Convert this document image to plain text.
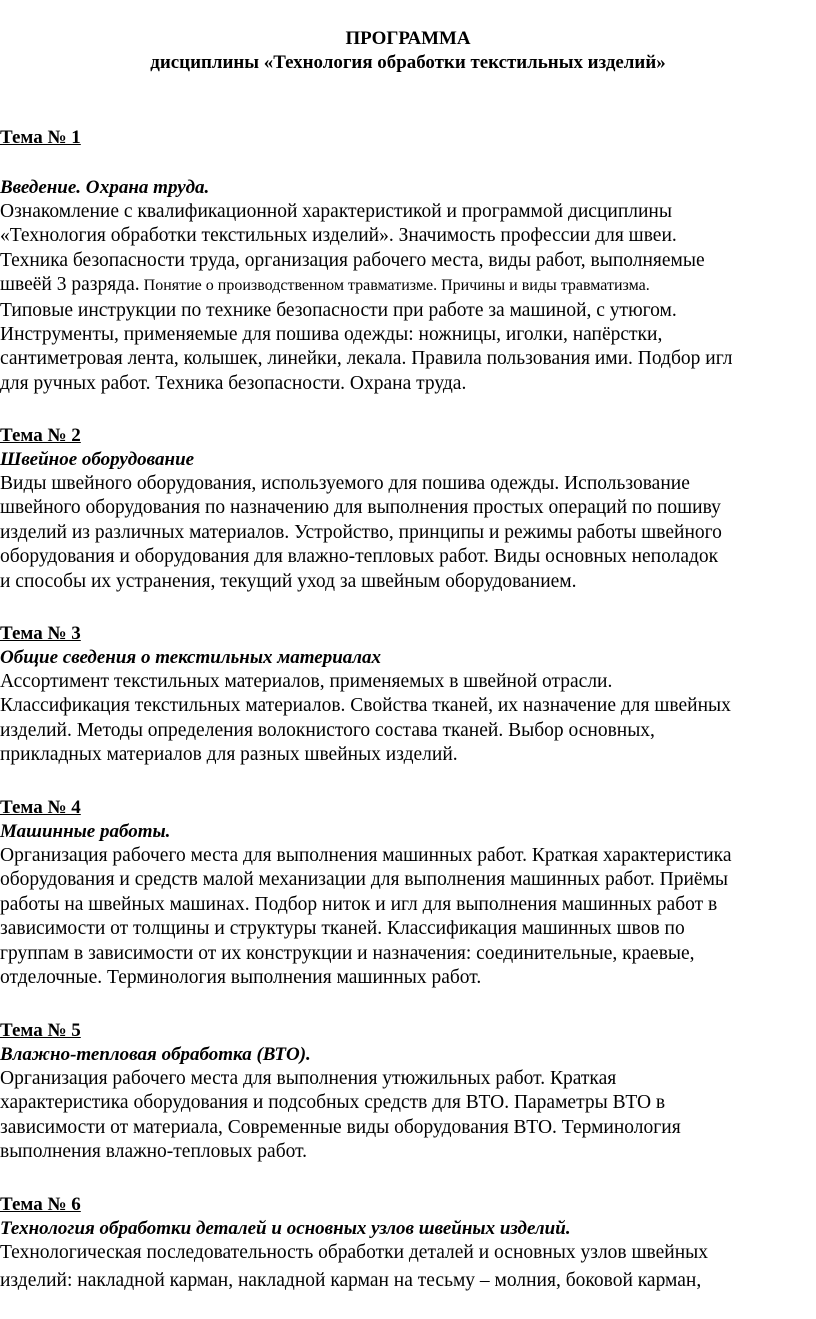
ПРОГРАММА
дисциплины «Технология обработки текстильных изделий»

Тема № 1

Введение. Охрана труда.

Ознакомление с квалификационной характеристикой и программой дисциплины

«Технология обработки текстильных изделий». Значимость профессии для швеи.

Техника безопасности труда, организация рабочего места, виды работ, выполняемые

швеёй 3 разряда. Понятие о производственном травматизме. Причины и виды травматизма.

Типовые инструкции по технике безопасности при работе за машиной, с утюгом.

Инструменты, применяемые для пошива одежды: ножницы, иголки, напёрстки,

сантиметровая лента, колышек, линейки, лекала. Правила пользования ими. Подбор игл

для ручных работ. Техника безопасности. Охрана труда.

Тема № 2

Швейное оборудование

Виды швейного оборудования, используемого для пошива одежды. Использование

швейного оборудования по назначению для выполнения простых операций по пошиву

изделий из различных материалов. Устройство, принципы и режимы работы швейного

оборудования и оборудования для влажно-тепловых работ. Виды основных неполадок

и способы их устранения, текущий уход за швейным оборудованием.

Тема № 3

Общие сведения о текстильных материалах

Ассортимент текстильных материалов, применяемых в швейной отрасли.

Классификация текстильных материалов. Свойства тканей, их назначение для швейных

изделий. Методы определения волокнистого состава тканей. Выбор основных,

прикладных материалов для разных швейных изделий.

Тема № 4

Машинные работы.

Организация рабочего места для выполнения машинных работ. Краткая характеристика

оборудования и средств малой механизации для выполнения машинных работ. Приёмы

работы на швейных машинах. Подбор ниток и игл для выполнения машинных работ в

зависимости от толщины и структуры тканей. Классификация машинных швов по

группам в зависимости от их конструкции и назначения: соединительные, краевые,

отделочные. Терминология выполнения машинных работ.

Тема № 5

Влажно-тепловая обработка (ВТО).

Организация рабочего места для выполнения утюжильных работ. Краткая

характеристика оборудования и подсобных средств для ВТО. Параметры ВТО в

зависимости от материала, Современные виды оборудования ВТО. Терминология

выполнения влажно-тепловых работ.

Тема № 6

Технология обработки деталей и основных узлов швейных изделий.

Технологическая последовательность обработки деталей и основных узлов швейных

изделий: накладной карман, накладной карман на тесьму – молния, боковой карман,
